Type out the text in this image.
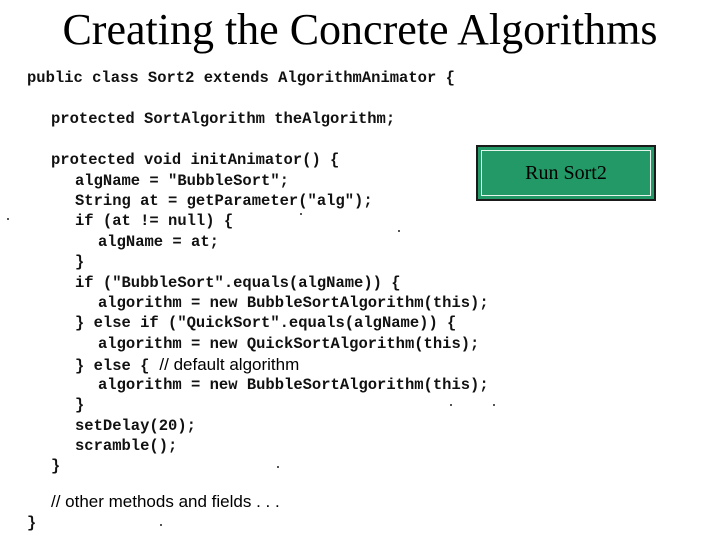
Creating the Concrete Algorithms
public class Sort2 extends AlgorithmAnimator {
protected SortAlgorithm theAlgorithm;
protected void initAnimator() {
algName = "BubbleSort";
String at = getParameter("alg");
if (at != null) {
algName = at;
}
if ("BubbleSort".equals(algName)) {
algorithm = new BubbleSortAlgorithm(this);
} else if ("QuickSort".equals(algName)) {
algorithm = new QuickSortAlgorithm(this);
} else { // default algorithm
algorithm = new BubbleSortAlgorithm(this);
}
setDelay(20);
scramble();
}
// other methods and fields . . .
}
Run Sort2
